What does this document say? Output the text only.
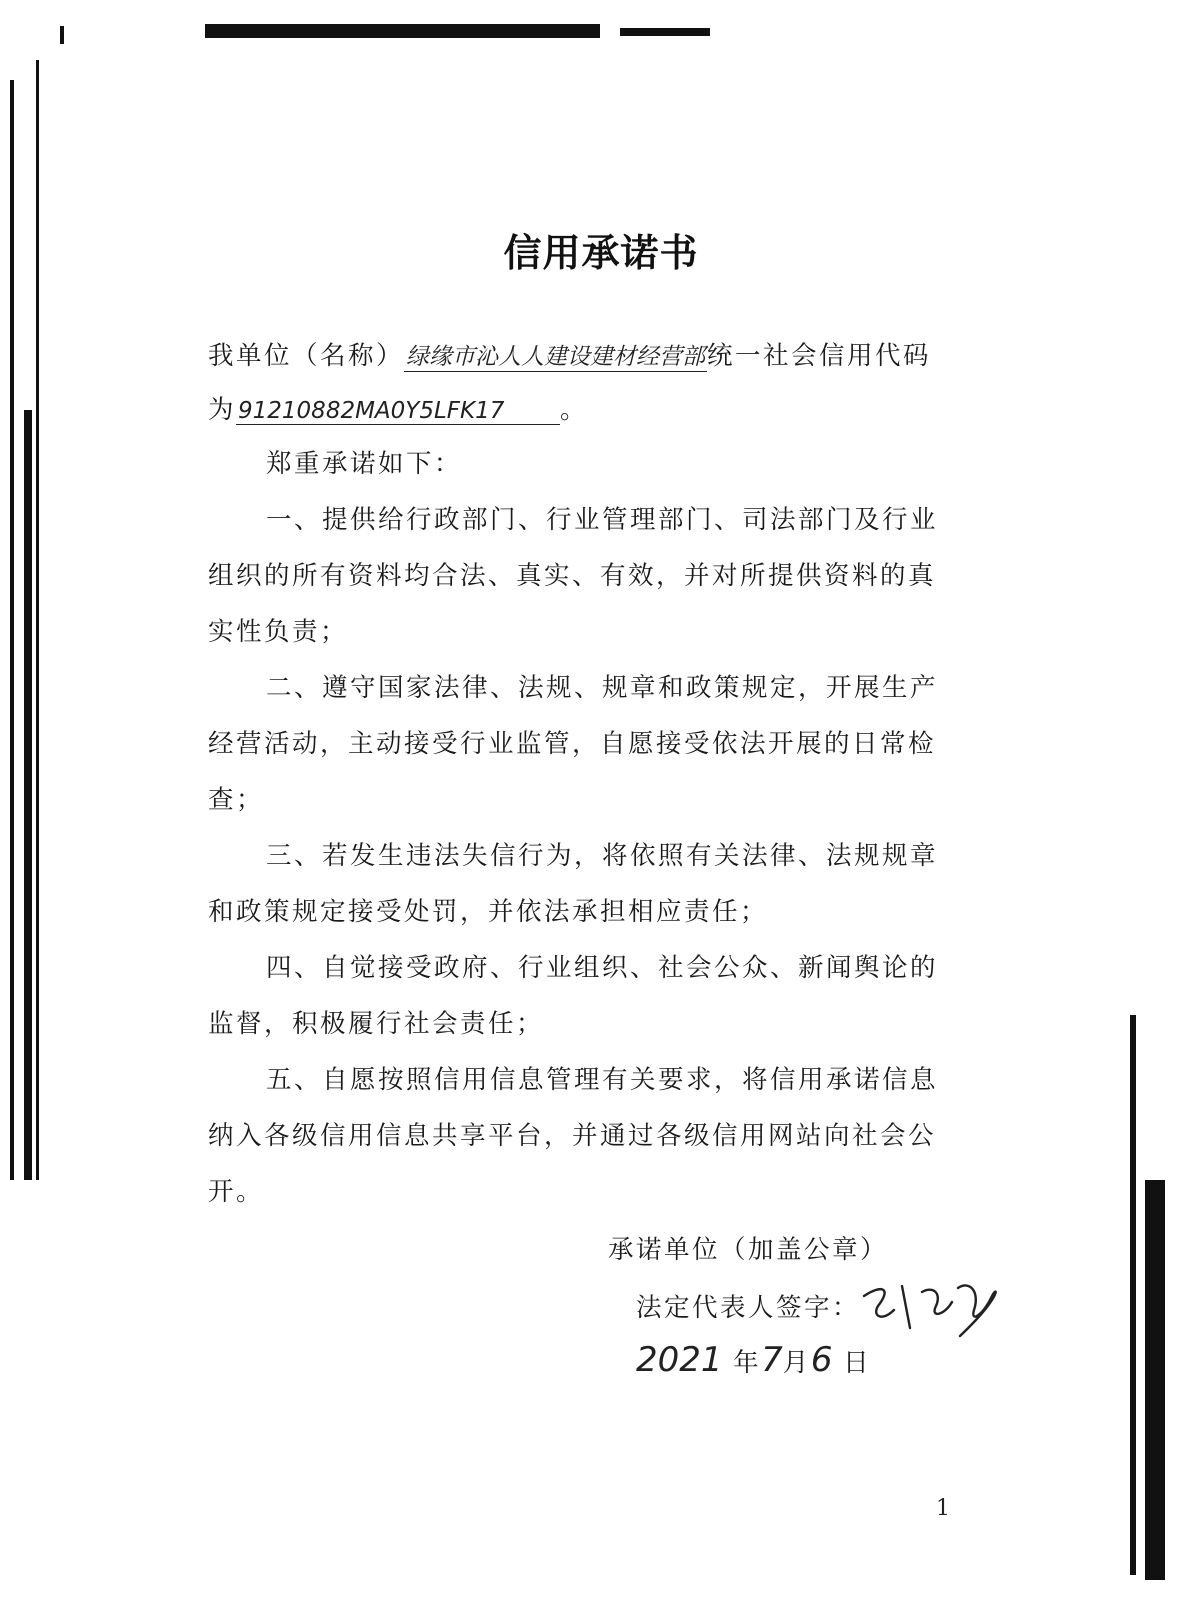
信用承诺书
我单位（名称）绿缘市沁人人建设建材经营部统一社会信用代码
为91210882MA0Y5LFK17 。
郑重承诺如下：
一、提供给行政部门、行业管理部门、司法部门及行业组织的所有资料均合法、真实、有效，并对所提供资料的真实性负责；
二、遵守国家法律、法规、规章和政策规定，开展生产经营活动，主动接受行业监管，自愿接受依法开展的日常检查；
三、若发生违法失信行为，将依照有关法律、法规规章和政策规定接受处罚，并依法承担相应责任；
四、自觉接受政府、行业组织、社会公众、新闻舆论的监督，积极履行社会责任；
五、自愿按照信用信息管理有关要求，将信用承诺信息纳入各级信用信息共享平台，并通过各级信用网站向社会公开。
承诺单位（加盖公章）
法定代表人签字：
2021 年7月6 日
1
